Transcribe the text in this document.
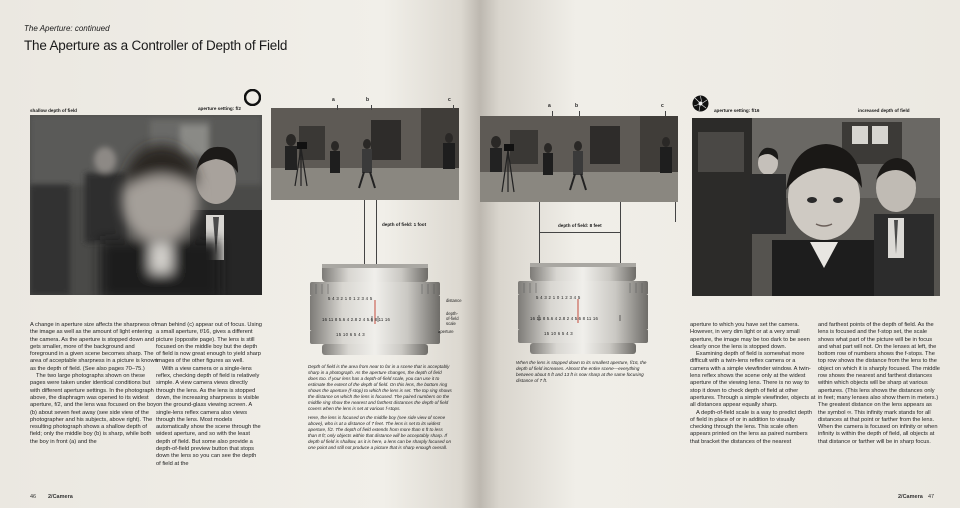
The Aperture: continued

The Aperture as a Controller of Depth of Field
shallow depth of field	aperture setting: f/2
a	b	c
depth of field: 1 foot
5 4 3 2 1 0 1 2 3 4 5
16 11 8 5.6 4 2.8 2 4 5.6 8 11 16
15 10 6 5 4 3
distance
depth-of-field scale
aperture

Depth of field is the area from near to far in a scene that is acceptably sharp in a photograph. As the aperture changes, the depth of field does too. If your lens has a depth-of-field scale, you can use it to estimate the extent of the depth of field. On this lens, the bottom ring shows the aperture (f-stop) to which the lens is set. The top ring shows the distance on which the lens is focused. The paired numbers on the middle ring show the nearest and farthest distances the depth of field covers when the lens is set at various f-stops.

Here, the lens is focused on the middle boy (see side view of scene above), who is at a distance of 7 feet. The lens is set to its widest aperture, f/2. The depth of field extends from more than 6 ft to less than 8 ft; only objects within that distance will be acceptably sharp. If depth of field is shallow, as it is here, a lens can be sharply focused on one point and still not produce a picture that is sharp enough overall.

A change in aperture size affects the sharpness of the image as well as the amount of light entering the camera. As the aperture is stopped down and gets smaller, more of the background and foreground in a given scene becomes sharp. The area of acceptable sharpness in a picture is known as the depth of field. (See also pages 70–75.)

The two large photographs shown on these pages were taken under identical conditions but with different aperture settings. In the photograph above, the diaphragm was opened to its widest aperture, f/2, and the lens was focused on the boy (b) about seven feet away (see side view of the photographer and his subjects, above right). The resulting photograph shows a shallow depth of field; only the middle boy (b) is sharp, while both the boy in front (a) and the

man behind (c) appear out of focus. Using a small aperture, f/16, gives a different picture (opposite page). The lens is still focused on the middle boy but the depth of field is now great enough to yield sharp images of the other figures as well.

With a view camera or a single-lens reflex, checking depth of field is relatively simple. A view camera views directly through the lens. As the lens is stopped down, the increasing sharpness is visible on the ground-glass viewing screen. A single-lens reflex camera also views through the lens. Most models automatically show the scene through the widest aperture, and so with the least depth of field. But some also provide a depth-of-field preview button that stops down the lens so you can see the depth of field at the

a	b	c
depth of field: 8 feet
5 4 3 2 1 0 1 2 3 4 5
16 11 8 5.6 4 2.8 2 4 5.6 8 11 16
15 10 6 5 4 3

When the lens is stopped down to its smallest aperture, f/16, the depth of field increases. Almost the entire scene—everything between about 5 ft and 13 ft is now sharp at the same focusing distance of 7 ft.

aperture setting: f/16	increased depth of field

aperture to which you have set the camera. However, in very dim light or at a very small aperture, the image may be too dark to be seen clearly once the lens is stopped down.

Examining depth of field is somewhat more difficult with a twin-lens reflex camera or a camera with a simple viewfinder window. A twin-lens reflex shows the scene only at the widest aperture of the viewing lens. There is no way to stop it down to check depth of field at other apertures. Through a simple viewfinder, objects at all distances appear equally sharp.

A depth-of-field scale is a way to predict depth of field in place of or in addition to visually checking through the lens. This scale often appears printed on the lens as paired numbers that bracket the distances of the nearest

and farthest points of the depth of field. As the lens is focused and the f-stop set, the scale shows what part of the picture will be in focus and what part will not. On the lenses at left, the bottom row of numbers shows the f-stops. The top row shows the distance from the lens to the object on which it is sharply focused. The middle row shows the nearest and farthest distances within which objects will be sharp at various apertures. (This lens shows the distances only in feet; many lenses also show them in meters.) The greatest distance on the lens appears as the symbol ∞. This infinity mark stands for all distances at that point or farther from the lens. When the camera is focused on infinity or when infinity is within the depth of field, all objects at that distance or farther will be in sharp focus.

46 2/Camera	2/Camera 47
